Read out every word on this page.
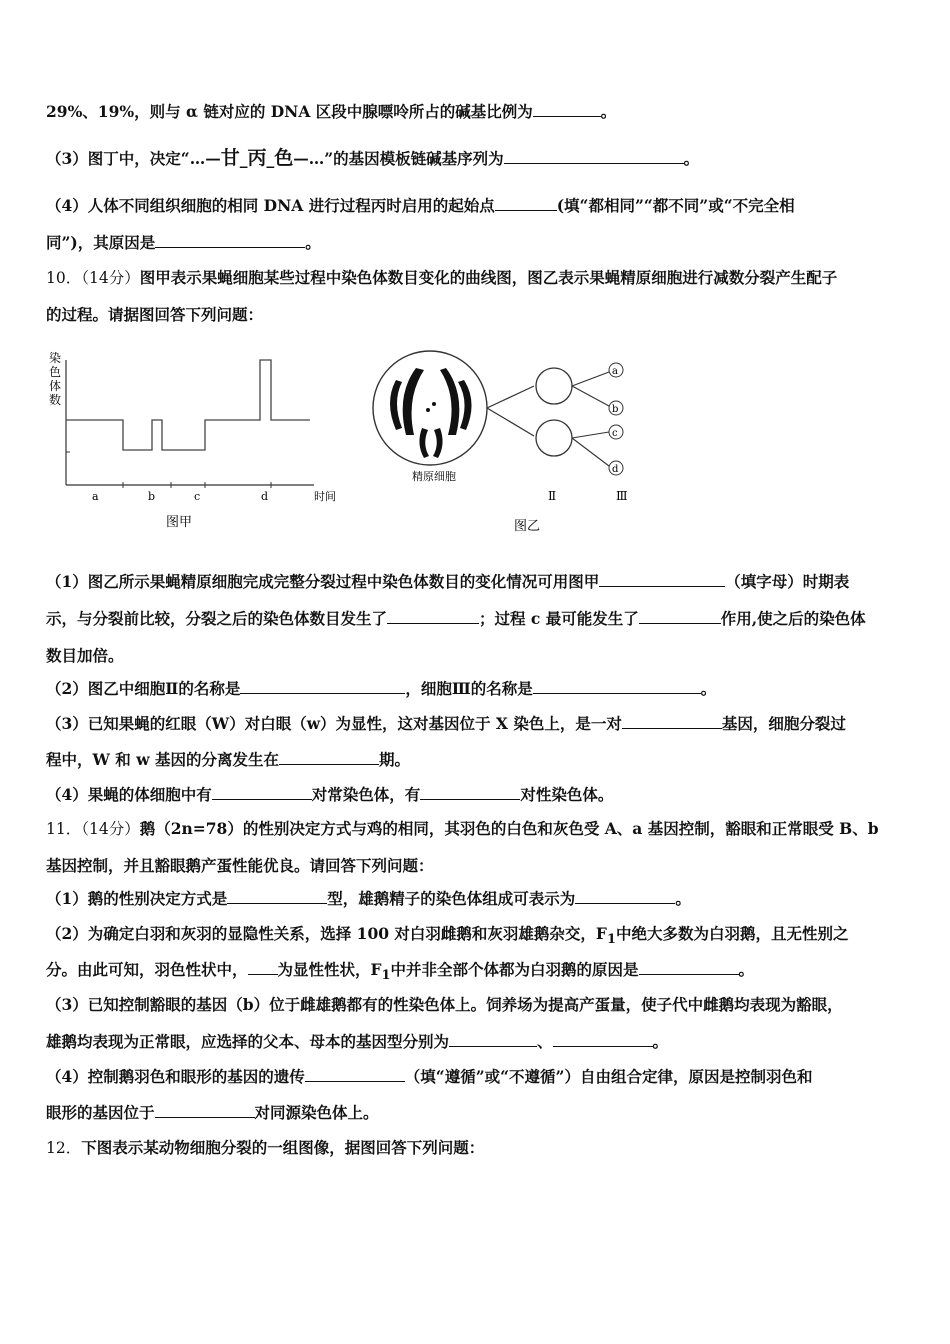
29%、19%，则与 α 链对应的 DNA 区段中腺嘌呤所占的碱基比例为	。
（3）图丁中，决定“…—甘_丙_色—…”的基因模板链碱基序列为	。
（4）人体不同组织细胞的相同 DNA 进行过程丙时启用的起始点	(填“都相同”“都不同”或“不完全相
同”)，其原因是	。
10．（14分）图甲表示果蝇细胞某些过程中染色体数目变化的曲线图，图乙表示果蝇精原细胞进行减数分裂产生配子
的过程。请据图回答下列问题：
染
色
体
数
a	b	c	d	时间
图甲
精原细胞
a
b
c
d
Ⅱ	Ⅲ
图乙
（1）图乙所示果蝇精原细胞完成完整分裂过程中染色体数目的变化情况可用图甲	（填字母）时期表
示，与分裂前比较，分裂之后的染色体数目发生了	；过程 c 最可能发生了	作用,使之后的染色体
数目加倍。
（2）图乙中细胞Ⅱ的名称是	，细胞Ⅲ的名称是	。
（3）已知果蝇的红眼（W）对白眼（w）为显性，这对基因位于 X 染色上，是一对	基因，细胞分裂过
程中，W 和 w 基因的分离发生在	期。
（4）果蝇的体细胞中有	对常染色体，有	对性染色体。
11．（14分）鹅（2n=78）的性别决定方式与鸡的相同，其羽色的白色和灰色受 A、a 基因控制，豁眼和正常眼受 B、b
基因控制，并且豁眼鹅产蛋性能优良。请回答下列问题：
（1）鹅的性别决定方式是	型，雄鹅精子的染色体组成可表示为	。
（2）为确定白羽和灰羽的显隐性关系，选择 100 对白羽雌鹅和灰羽雄鹅杂交，$F_1$中绝大多数为白羽鹅，且无性别之
分。由此可知，羽色性状中， 为显性性状，$F_1$中并非全部个体都为白羽鹅的原因是	。
（3）已知控制豁眼的基因（b）位于雌雄鹅都有的性染色体上。饲养场为提高产蛋量，使子代中雌鹅均表现为豁眼，
雄鹅均表现为正常眼，应选择的父本、母本的基因型分别为	、	。
（4）控制鹅羽色和眼形的基因的遗传	（填“遵循”或“不遵循”）自由组合定律，原因是控制羽色和
眼形的基因位于	对同源染色体上。
12．下图表示某动物细胞分裂的一组图像，据图回答下列问题：
